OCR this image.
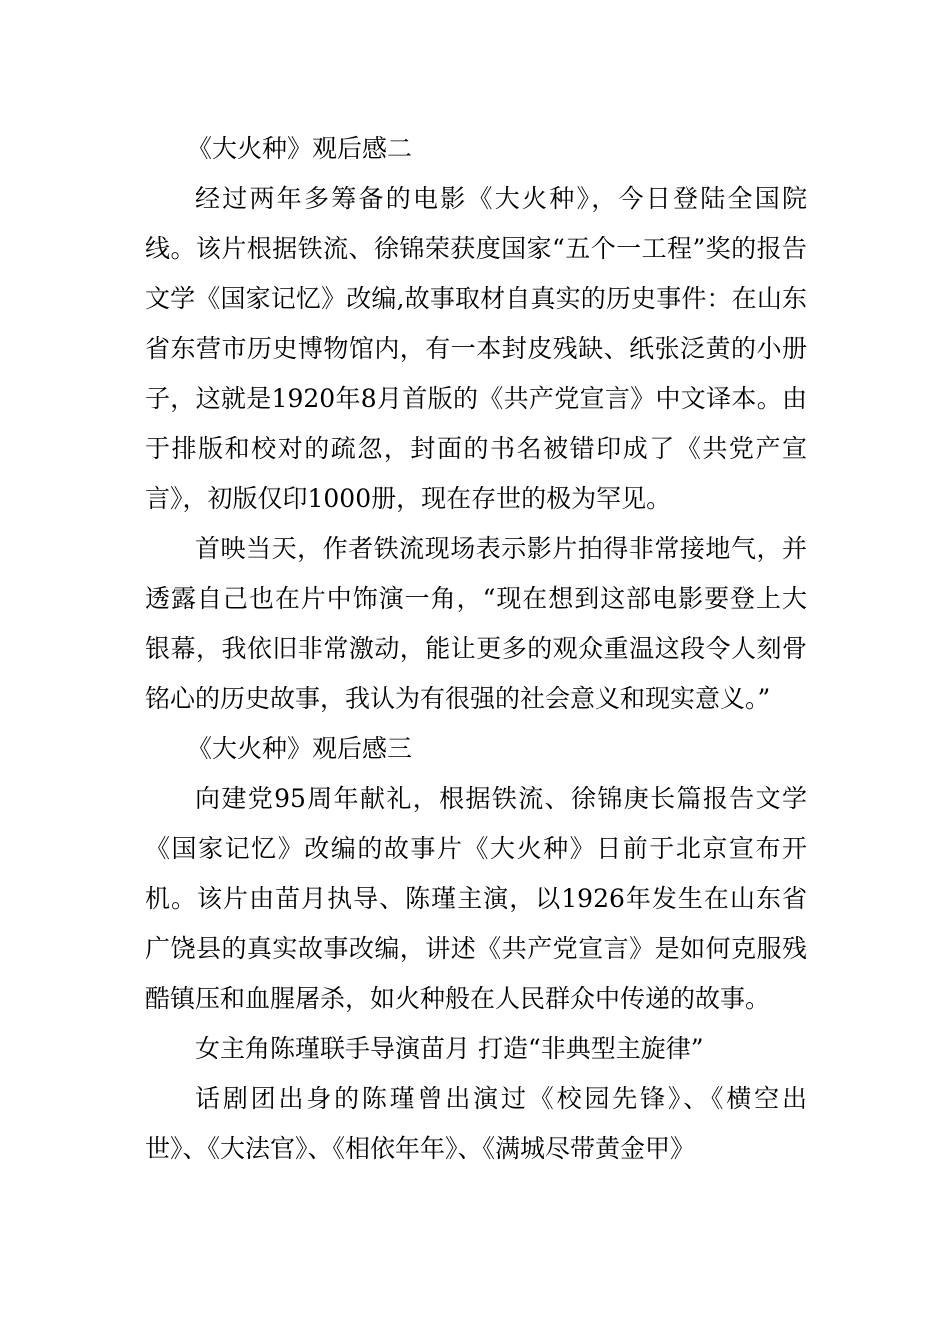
《大火种》观后感二

经过两年多筹备的电影《大火种》，今日登陆全国院线。该片根据铁流、徐锦荣获度国家“五个一工程”奖的报告文学《国家记忆》改编,故事取材自真实的历史事件：在山东省东营市历史博物馆内，有一本封皮残缺、纸张泛黄的小册子，这就是1920年8月首版的《共产党宣言》中文译本。由于排版和校对的疏忽，封面的书名被错印成了《共党产宣言》，初版仅印1000册，现在存世的极为罕见。

首映当天，作者铁流现场表示影片拍得非常接地气，并透露自己也在片中饰演一角，“现在想到这部电影要登上大银幕，我依旧非常激动，能让更多的观众重温这段令人刻骨铭心的历史故事，我认为有很强的社会意义和现实意义。”

《大火种》观后感三

向建党95周年献礼，根据铁流、徐锦庚长篇报告文学《国家记忆》改编的故事片《大火种》日前于北京宣布开机。该片由苗月执导、陈瑾主演，以1926年发生在山东省广饶县的真实故事改编，讲述《共产党宣言》是如何克服残酷镇压和血腥屠杀，如火种般在人民群众中传递的故事。

女主角陈瑾联手导演苗月 打造“非典型主旋律”

话剧团出身的陈瑾曾出演过《校园先锋》、《横空出世》、《大法官》、《相依年年》、《满城尽带黄金甲》
